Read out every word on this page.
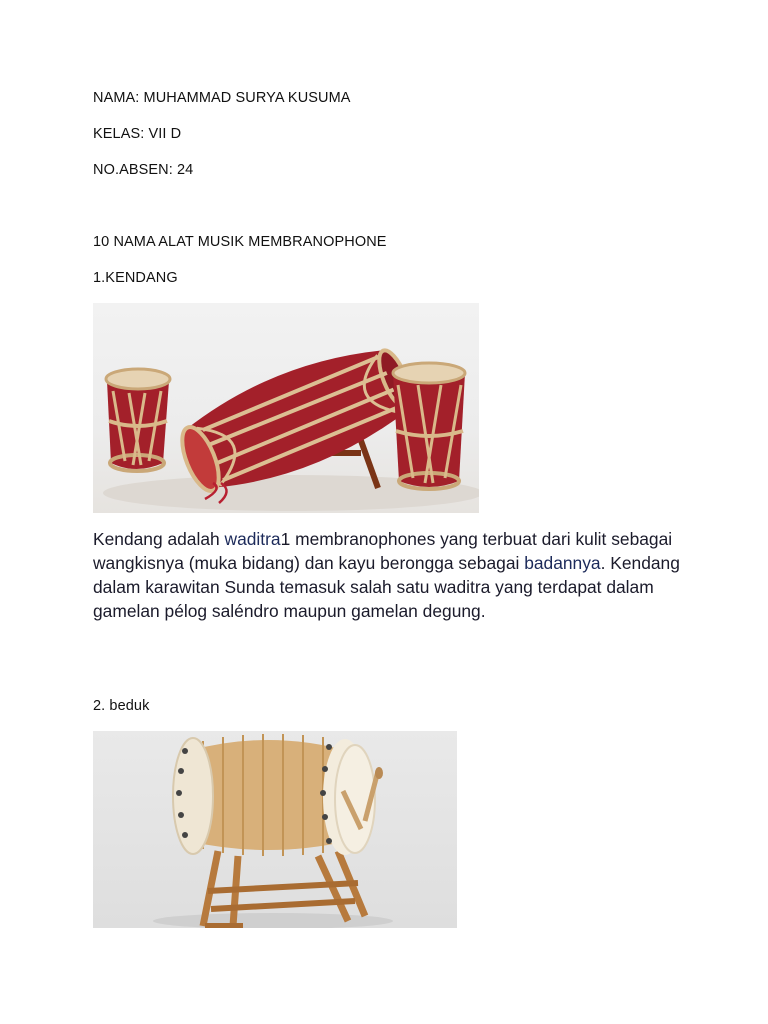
NAMA: MUHAMMAD SURYA KUSUMA
KELAS: VII D
NO.ABSEN: 24
10 NAMA ALAT MUSIK MEMBRANOPHONE
1.KENDANG
Kendang adalah waditra1 membranophones yang terbuat dari kulit sebagai wangkisnya (muka bidang) dan kayu berongga sebagai badannya. Kendang dalam karawitan Sunda temasuk salah satu waditra yang terdapat dalam gamelan pélog saléndro maupun gamelan degung.
2. beduk
